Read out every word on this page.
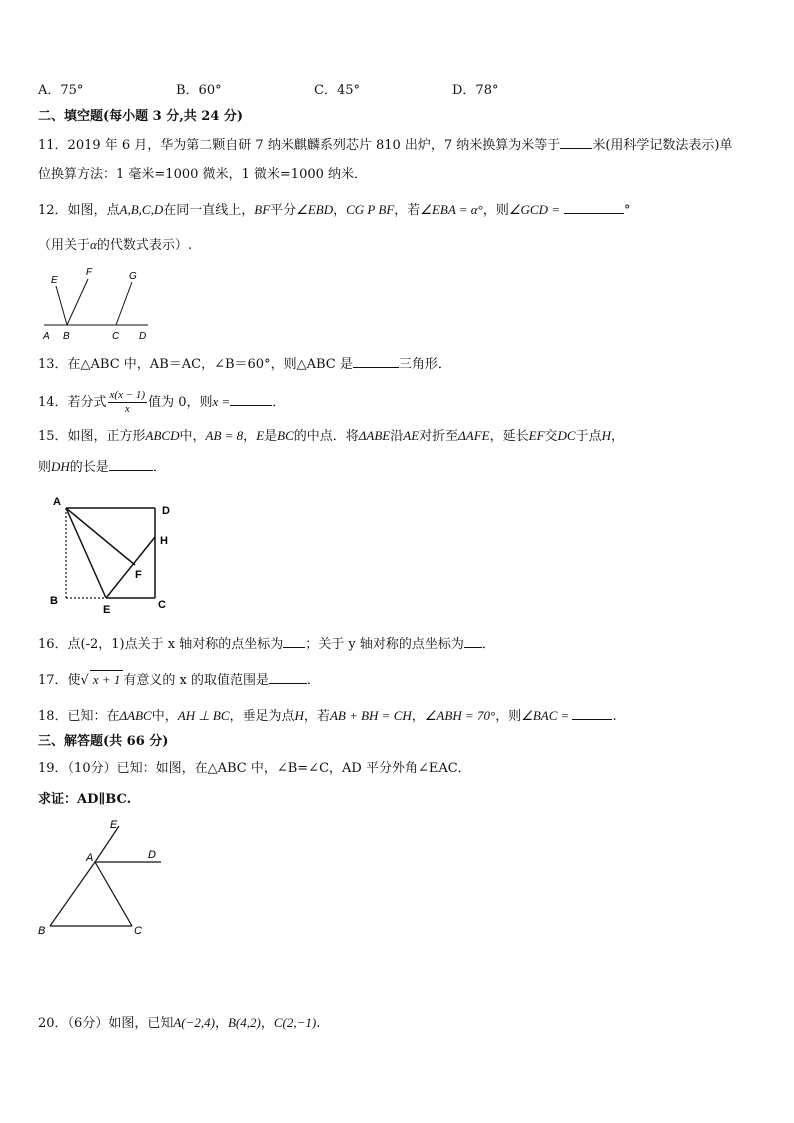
A．75°	B．60°	C．45°	D．78°
二、填空题(每小题 3 分,共 24 分)
11．2019 年 6 月，华为第二颗自研 7 纳米麒麟系列芯片 810 出炉，7 纳米换算为米等于 米(用科学记数法表示)单
位换算方法：1 毫米=1000 微米，1 微米=1000 纳米．
12．如图，点A,B,C,D在同一直线上，BF平分∠EBD，CG P BF，若∠EBA = α°，则∠GCD =	°
（用关于α的代数式表示）.
E
F	G
A B	C D
13．在△ABC 中，AB＝AC，∠B＝60°，则△ABC 是	三角形．
14．若分式 $\frac{x(x - 1)}{x}$ 值为 0，则x =	．
15．如图，正方形ABCD中，AB = 8，E是BC的中点．将ΔABE沿AE对折至ΔAFE，延长EF交DC于点H，
则DH的长是	．
A
D
H
F
B
E	C
16．点(-2，1)点关于 x 轴对称的点坐标为 ；关于 y 轴对称的点坐标为 ．
17．使√ x + 1 有意义的 x 的取值范围是	．
18．已知：在ΔABC中，AH ⊥ BC，垂足为点H，若AB + BH = CH，∠ABH = 70°，则∠BAC =	.
三、解答题(共 66 分)
19．（10分）已知：如图，在△ABC 中，∠B=∠C，AD 平分外角∠EAC．
求证：AD∥BC.
E
A	D
B	C
20．（6分）如图，已知A(−2,4)，B(4,2)，C(2,−1).
